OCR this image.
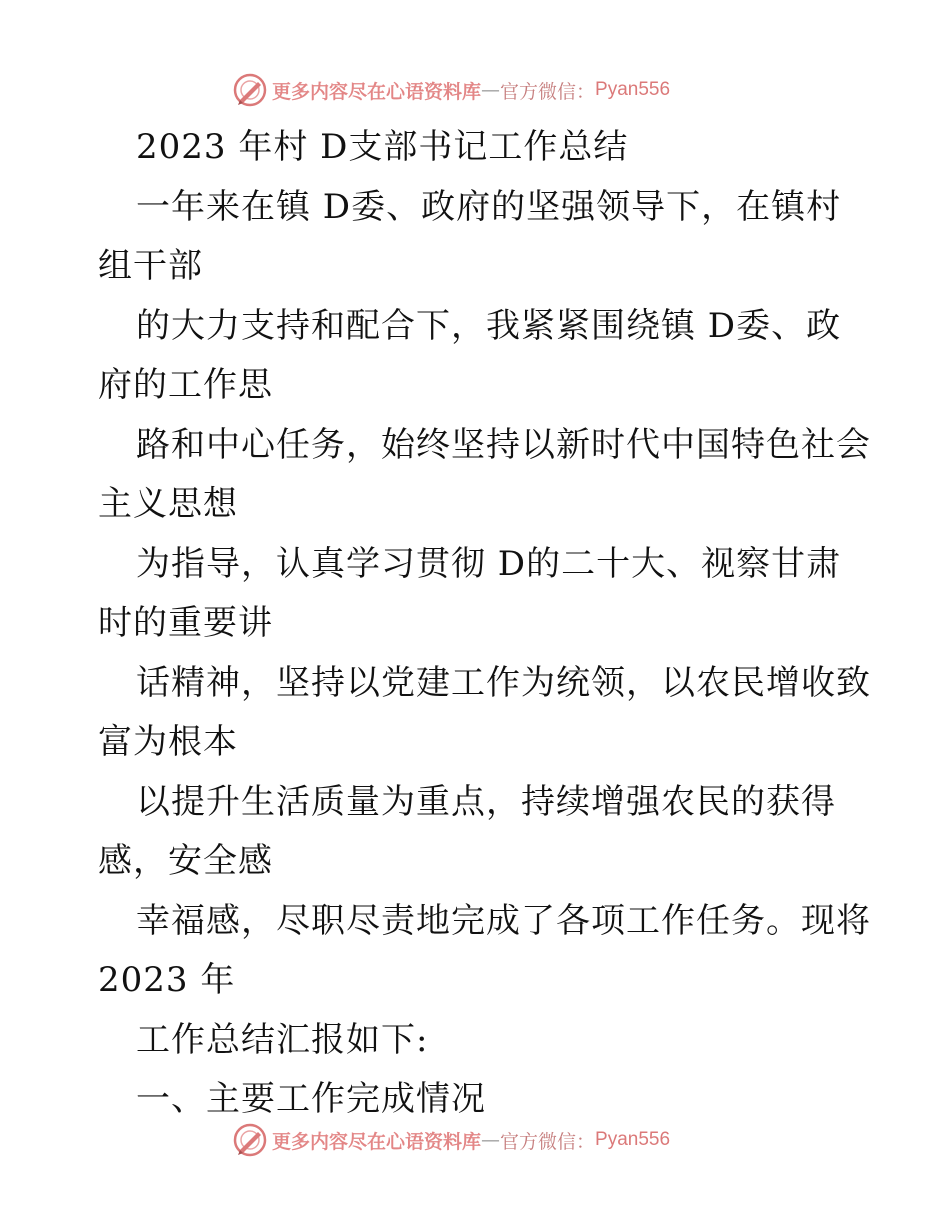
更多内容尽在心语资料库 — 官方微信： Pyan556
2023 年村 D支部书记工作总结
一年来在镇 D委、政府的坚强领导下，在镇村
组干部
的大力支持和配合下，我紧紧围绕镇 D委、政
府的工作思
路和中心任务，始终坚持以新时代中国特色社会
主义思想
为指导，认真学习贯彻 D的二十大、视察甘肃
时的重要讲
话精神，坚持以党建工作为统领，以农民增收致
富为根本
以提升生活质量为重点，持续增强农民的获得
感，安全感
幸福感，尽职尽责地完成了各项工作任务。现将
2023 年
工作总结汇报如下:
一、主要工作完成情况
更多内容尽在心语资料库 — 官方微信： Pyan556
